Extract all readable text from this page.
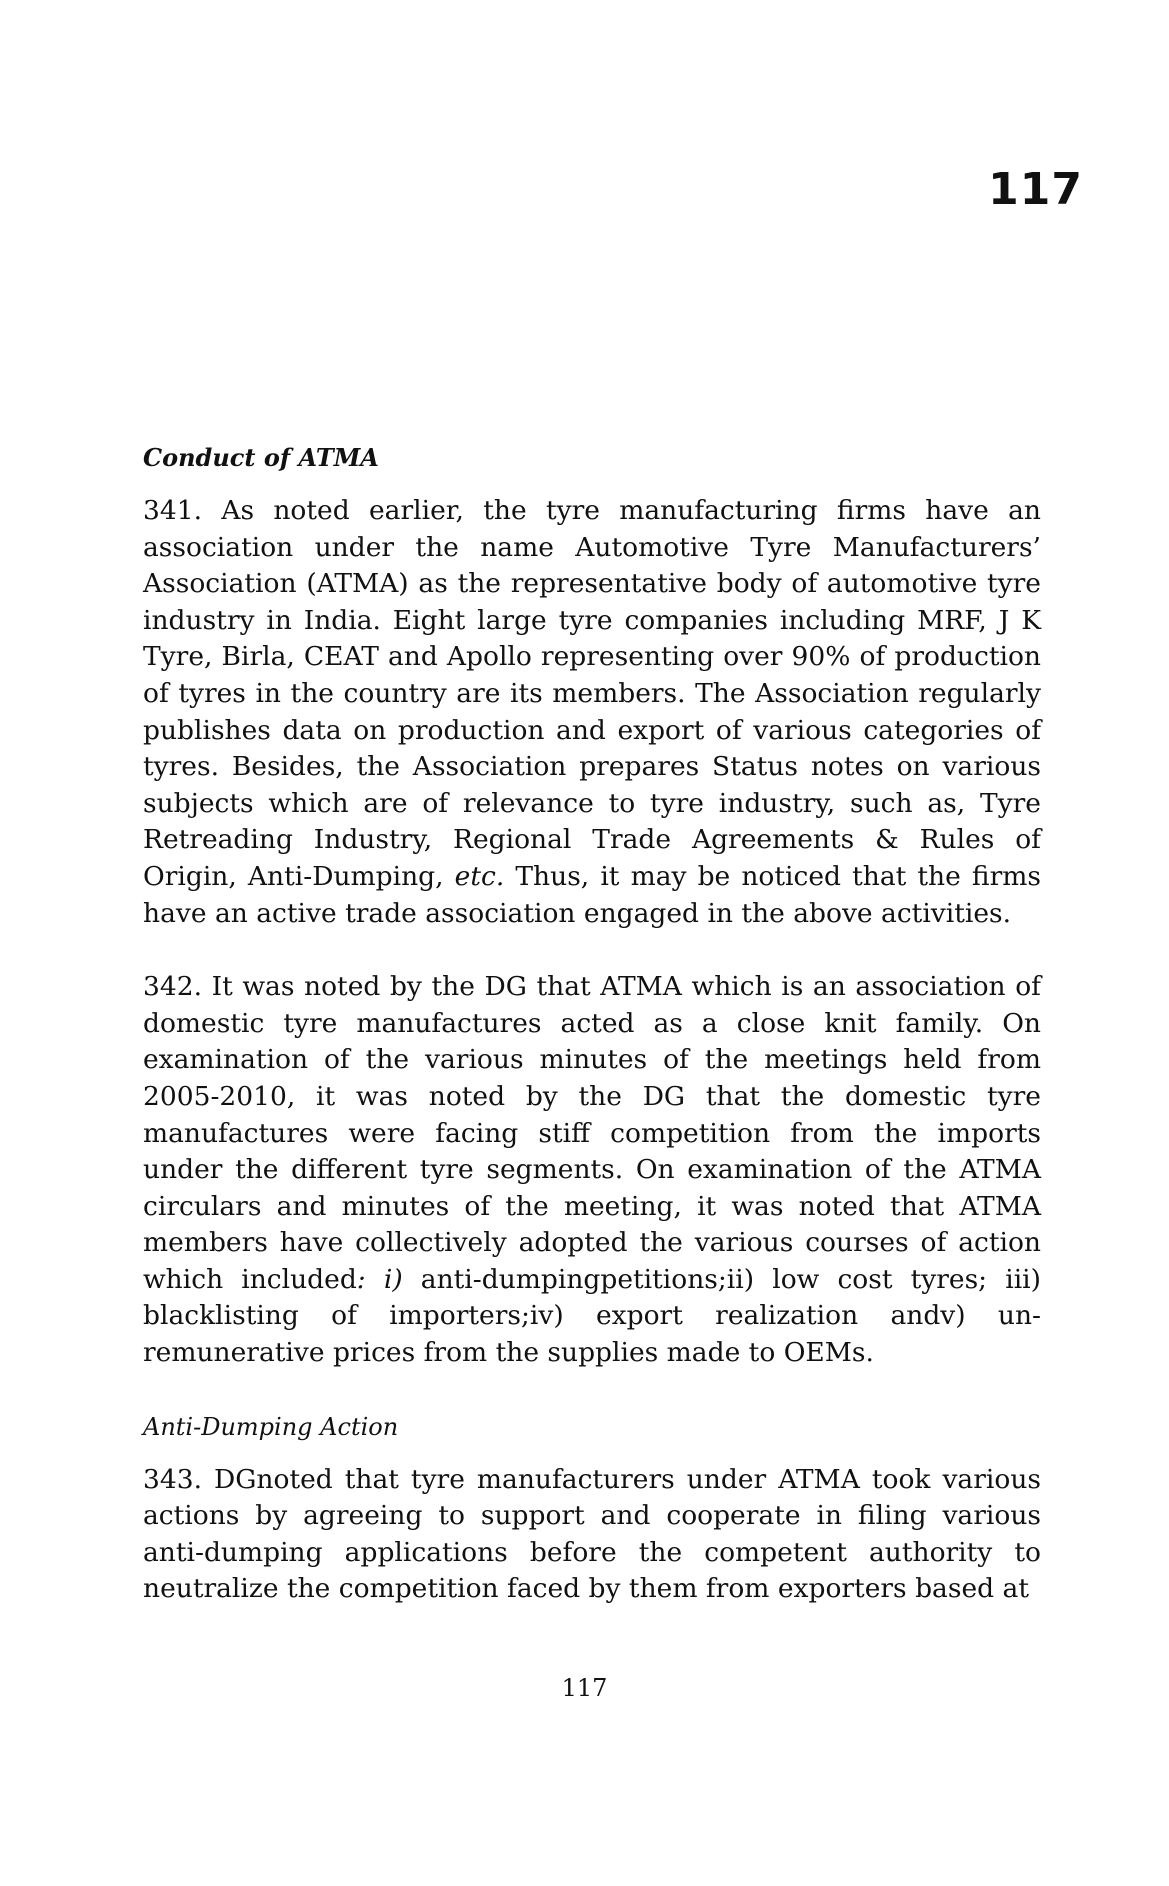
117
Conduct of ATMA

341. As noted earlier, the tyre manufacturing firms have an association under the name Automotive Tyre Manufacturers’ Association (ATMA) as the representative body of automotive tyre industry in India. Eight large tyre companies including MRF, J K Tyre, Birla, CEAT and Apollo representing over 90% of production of tyres in the country are its members. The Association regularly publishes data on production and export of various categories of tyres. Besides, the Association prepares Status notes on various subjects which are of relevance to tyre industry, such as, Tyre Retreading Industry, Regional Trade Agreements & Rules of Origin, Anti-Dumping, etc. Thus, it may be noticed that the firms have an active trade association engaged in the above activities.

342. It was noted by the DG that ATMA which is an association of domestic tyre manufactures acted as a close knit family. On examination of the various minutes of the meetings held from 2005-2010, it was noted by the DG that the domestic tyre manufactures were facing stiff competition from the imports under the different tyre segments. On examination of the ATMA circulars and minutes of the meeting, it was noted that ATMA members have collectively adopted the various courses of action which included: i) anti-dumpingpetitions;ii) low cost tyres; iii) blacklisting of importers;iv) export realization andv) un-remunerative prices from the supplies made to OEMs.

Anti-Dumping Action

343. DGnoted that tyre manufacturers under ATMA took various actions by agreeing to support and cooperate in filing various anti-dumping applications before the competent authority to neutralize the competition faced by them from exporters based at

117
